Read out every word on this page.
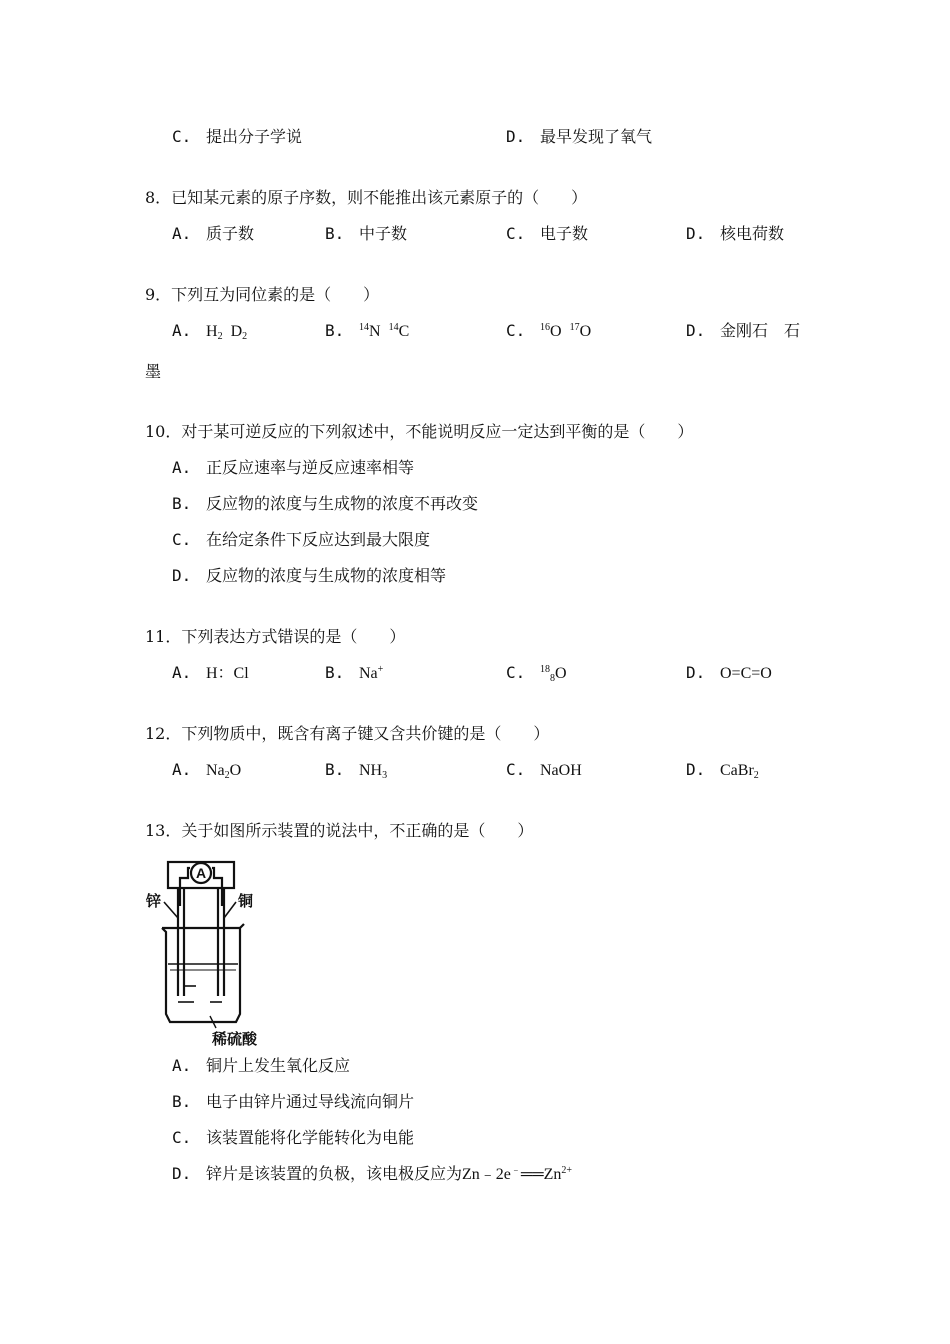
C. 提出分子学说	D. 最早发现了氧气
8．已知某元素的原子序数，则不能推出该元素原子的（　　）
A. 质子数	B. 中子数	C. 电子数	D. 核电荷数
9．下列互为同位素的是（　　）
A. $H_2$ $D_2$	B. $^{14}$N $^{14}$C	C. $^{16}$O $^{17}$O	D. 金刚石　石
墨
10．对于某可逆反应的下列叙述中，不能说明反应一定达到平衡的是（　　）
A. 正反应速率与逆反应速率相等
B. 反应物的浓度与生成物的浓度不再改变
C. 在给定条件下反应达到最大限度
D. 反应物的浓度与生成物的浓度相等
11．下列表达方式错误的是（　　）
A. H：Cl	B. Na+	C. $^{18}_8$O	D. O=C=O
12．下列物质中，既含有离子键又含共价键的是（　　）
A. $Na_2O$	B. $NH_3$	C. NaOH	D. CaBr$_2$
13．关于如图所示装置的说法中，不正确的是（　　）
A
锌	铜
稀硫酸
A. 铜片上发生氧化反应
B. 电子由锌片通过导线流向铜片
C. 该装置能将化学能转化为电能
D. 锌片是该装置的负极，该电极反应为$Zn﹣2e^﹣══Zn^{2+}$
